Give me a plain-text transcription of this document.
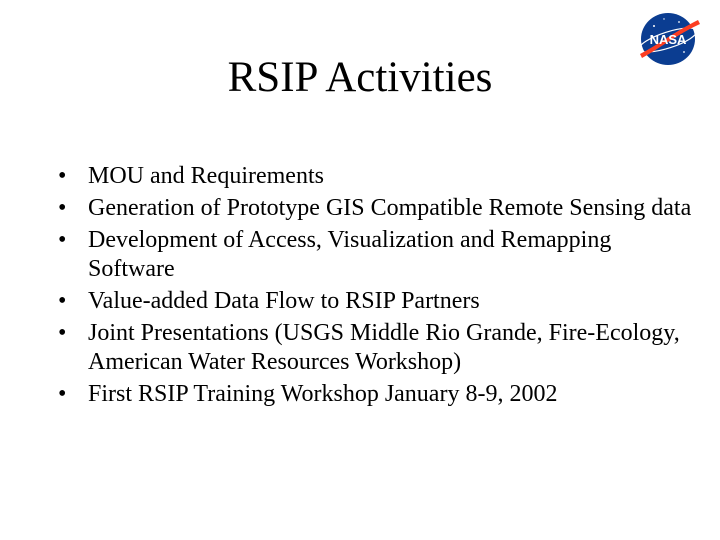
RSIP Activities
NASA
• MOU and Requirements
• Generation of Prototype GIS Compatible Remote Sensing data
• Development of Access, Visualization and Remapping Software
• Value-added Data Flow to RSIP Partners
• Joint Presentations (USGS Middle Rio Grande, Fire-Ecology, American Water Resources Workshop)
• First RSIP Training Workshop January 8-9, 2002
